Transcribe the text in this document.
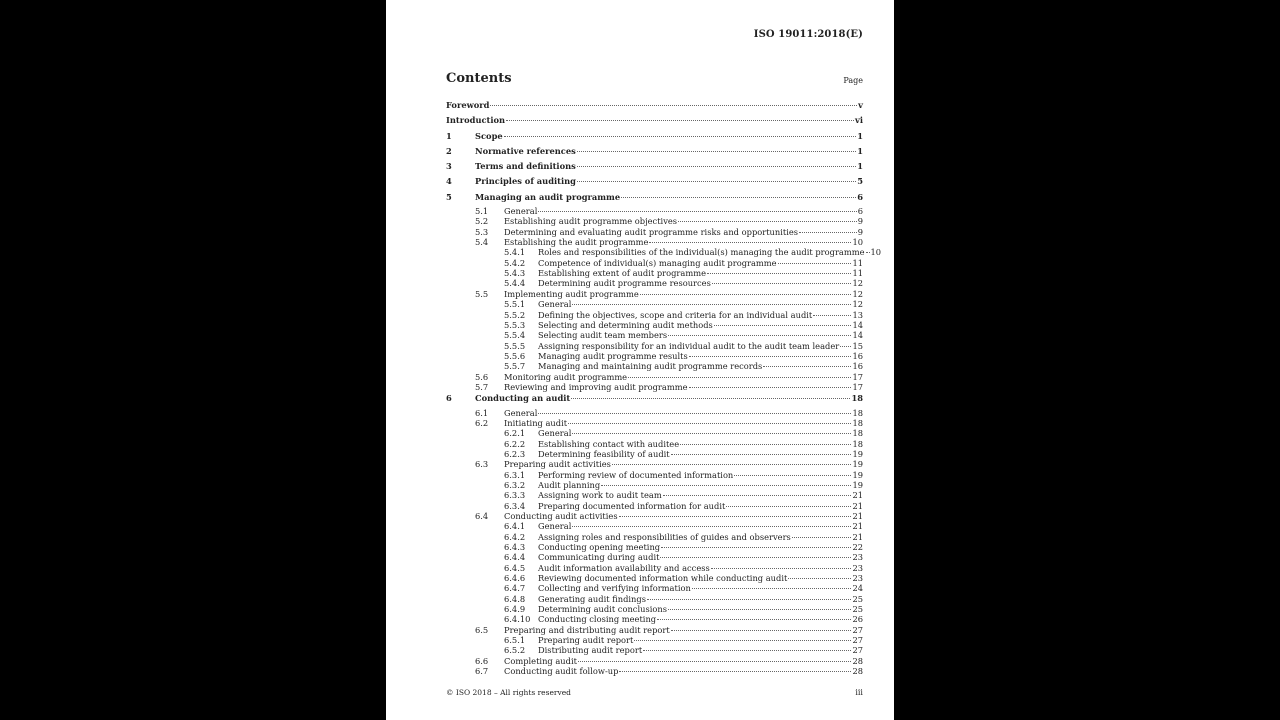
ISO 19011:2018(E)
Contents	Page
Foreword	v
Introduction	vi
1	Scope	1
2	Normative references	1
3	Terms and definitions	1
4	Principles of auditing	5
5	Managing an audit programme	6
5.1 General	6
5.2 Establishing audit programme objectives	9
5.3 Determining and evaluating audit programme risks and opportunities	9
5.4 Establishing the audit programme	10
5.4.1 Roles and responsibilities of the individual(s) managing the audit programme 10
5.4.2 Competence of individual(s) managing audit programme	11
5.4.3 Establishing extent of audit programme	11
5.4.4 Determining audit programme resources	12
5.5 Implementing audit programme	12
5.5.1 General	12
5.5.2 Defining the objectives, scope and criteria for an individual audit	13
5.5.3 Selecting and determining audit methods	14
5.5.4 Selecting audit team members	14
5.5.5 Assigning responsibility for an individual audit to the audit team leader 15
5.5.6 Managing audit programme results	16
5.5.7 Managing and maintaining audit programme records	16
5.6 Monitoring audit programme	17
5.7 Reviewing and improving audit programme	17
6	Conducting an audit	18
6.1 General	18
6.2 Initiating audit	18
6.2.1 General	18
6.2.2 Establishing contact with auditee	18
6.2.3 Determining feasibility of audit	19
6.3 Preparing audit activities	19
6.3.1 Performing review of documented information	19
6.3.2 Audit planning	19
6.3.3 Assigning work to audit team	21
6.3.4 Preparing documented information for audit	21
6.4 Conducting audit activities	21
6.4.1 General	21
6.4.2 Assigning roles and responsibilities of guides and observers	21
6.4.3 Conducting opening meeting	22
6.4.4 Communicating during audit	23
6.4.5 Audit information availability and access	23
6.4.6 Reviewing documented information while conducting audit	23
6.4.7 Collecting and verifying information	24
6.4.8 Generating audit findings	25
6.4.9 Determining audit conclusions	25
6.4.10 Conducting closing meeting	26
6.5 Preparing and distributing audit report	27
6.5.1 Preparing audit report	27
6.5.2 Distributing audit report	27
6.6 Completing audit	28
6.7 Conducting audit follow-up	28
© ISO 2018 – All rights reserved	iii
